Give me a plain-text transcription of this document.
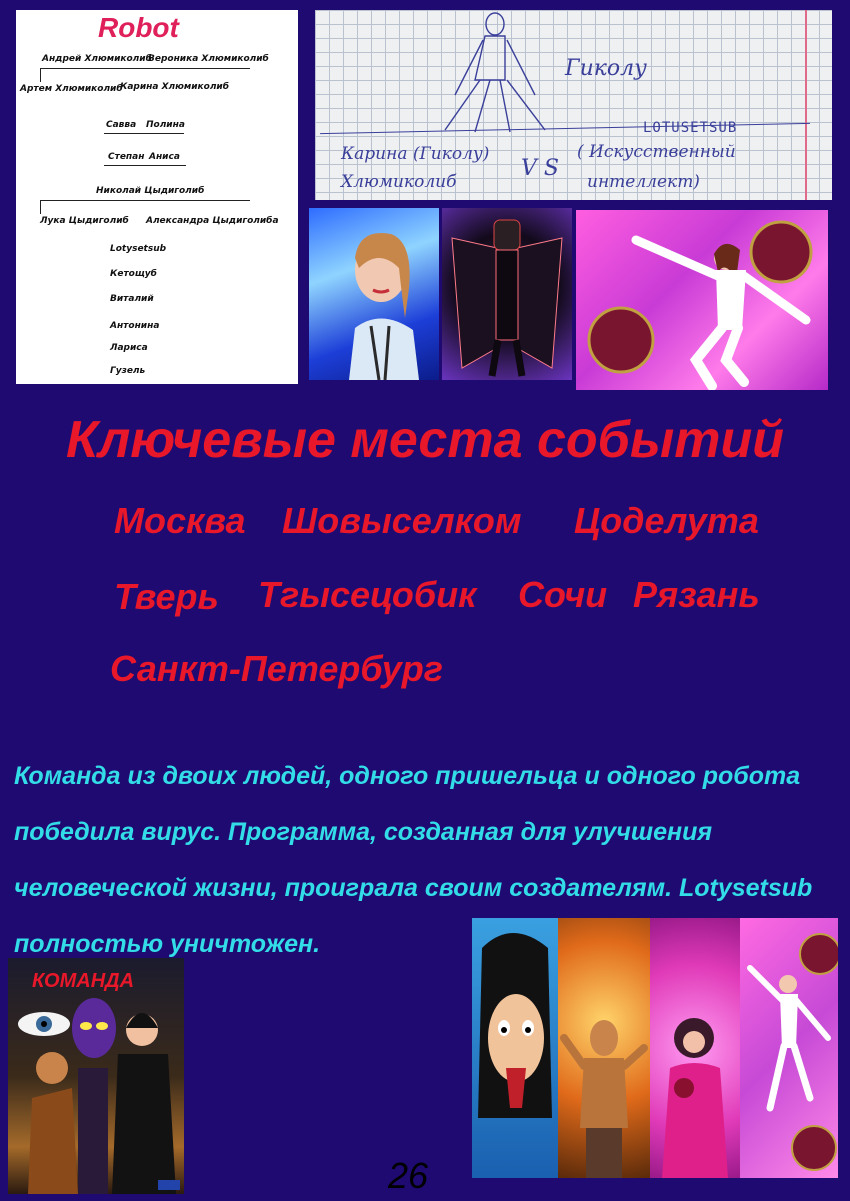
Robot
Андрей Хлюмиколиб
Вероника Хлюмиколиб
Артем Хлюмиколиб
Карина Хлюмиколиб
Савва Полина
Степан Аниса
Николай Цыдиголиб
Лука Цыдиголиб Александра Цыдиголиба
Lotysetsub
Кетощуб
Виталий
Антонина
Лариса
Гузель
Гиколу
Карина (Гиколу)
Хлюмиколиб
V S
( Искусственный
интеллект)
LOTUSETSUB
Ключевые места событий
Москва Шовыселком Цоделута
Тверь Тгысецобик Сочи Рязань
Санкт-Петербург

Команда из двоих людей, одного пришельца и одного робота

победила вирус. Программа, созданная для улучшения

человеческой жизни, проиграла своим создателям. Lotysetsub

полностью уничтожен.

КОМАНДА
26
